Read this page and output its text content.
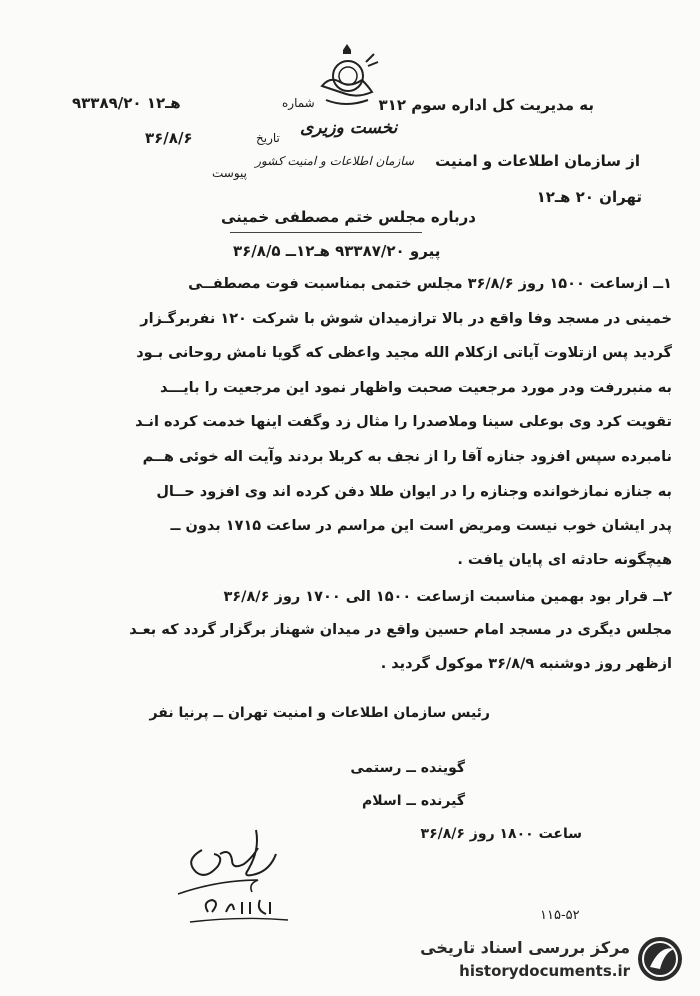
به مدیریت کل اداره سوم ۳۱۲
نخست وزیری
سازمان اطلاعات و امنیت کشور از سازمان اطلاعات و امنیت
۹۳۳۸۹/۲۰ هـ۱۲	شماره
۳۶/۸/۶	تاریخ
پیوست
تهران ۲۰ هـ۱۲
درباره مجلس ختم مصطفی خمینی
پیرو ۹۳۳۸۷/۲۰ هـ۱۲ــ ۳۶/۸/۵
۱ــ ازساعت ۱۵۰۰ روز ۳۶/۸/۶ مجلس ختمی بمناسبت فوت مصطفــی
خمینی در مسجد وفا واقع در بالا ترازمیدان شوش با شرکت ۱۲۰ نفربرگـزار
گردید پس ازتلاوت آیاتی ازکلام الله مجید واعظی که گویا نامش روحانی بـود
به منبررفت ودر مورد مرجعیت صحبت واظهار نمود این مرجعیت را بایـــد
تقویت کرد وی بوعلی سینا وملاصدرا را مثال زد وگفت اینها خدمت کرده انـد
نامبرده سپس افزود جنازه آقا را از نجف به کربلا بردند وآیت اله خوئی هــم
به جنازه نمازخوانده وجنازه را در ایوان طلا دفن کرده اند وی افزود حــال
پدر ایشان خوب نیست ومریض است این مراسم در ساعت ۱۷۱۵ بدون ــ
هیچگونه حادثه ای پایان یافت .
۲ــ قرار بود بهمین مناسبت ازساعت ۱۵۰۰ الی ۱۷۰۰ روز ۳۶/۸/۶
مجلس دیگری در مسجد امام حسین واقع در میدان شهناز برگزار گردد که بعـد
ازظهر روز دوشنبه ۳۶/۸/۹ موکول گردید .
رئیس سازمان اطلاعات و امنیت تهران ــ پرنیا نفر
گوینده ــ رستمی
گیرنده ــ اسلام
ساعت ۱۸۰۰ روز ۳۶/۸/۶
۱۱۵-۵۲
مرکز بررسی اسناد تاریخی
historydocuments.ir
